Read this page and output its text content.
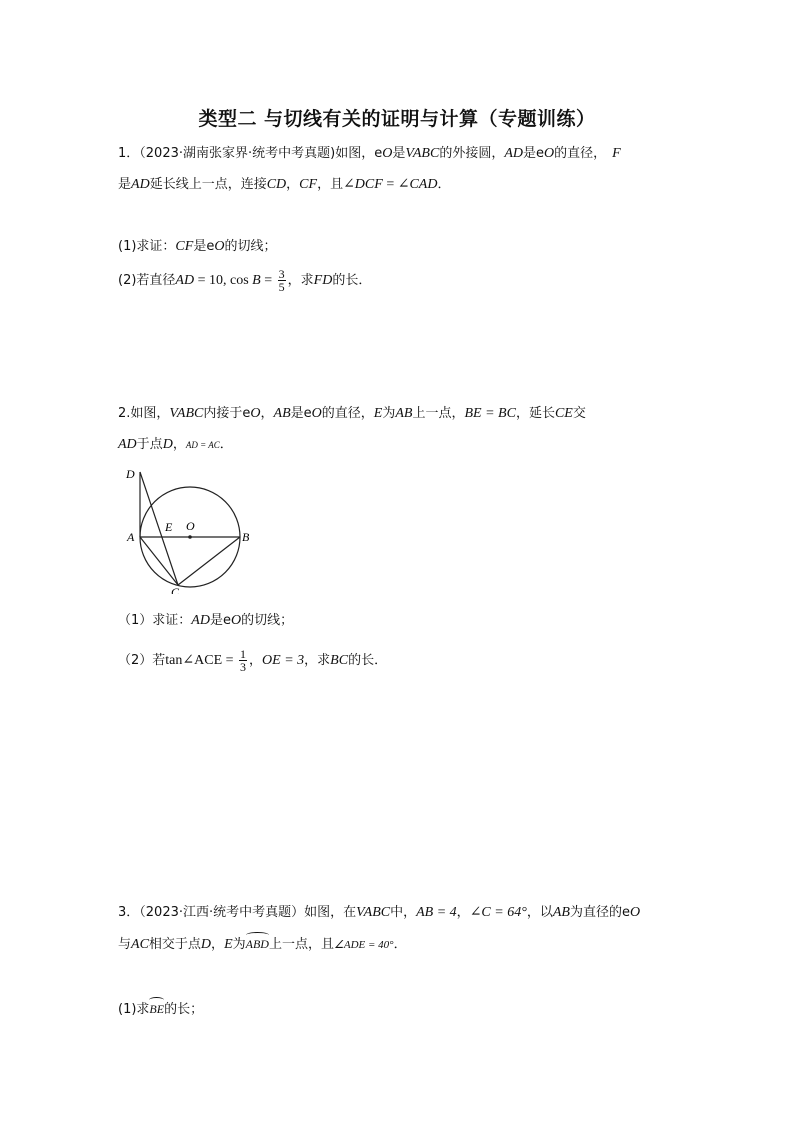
类型二 与切线有关的证明与计算（专题训练）
1．（2023·湖南张家界·统考中考真题)如图，eO是VABC的外接圆，AD是eO的直径， F
是AD延长线上一点，连接CD，CF，且∠DCF = ∠CAD．
(1)求证：CF是eO的切线；
(2)若直径AD = 10, $\cos B = \frac{3}{5}$ ，求FD的长．
2.如图，VABC内接于eO，AB是eO的直径，E为AB上一点，BE = BC，延长CE交
AD于点D，AD = AC．
D
A
E O
B
C
（1）求证：AD是eO的切线；
（2）若tan∠ACE = $\frac{1}{3}$ ，OE = 3，求BC的长．
3．（2023·江西·统考中考真题）如图，在VABC中，AB = 4，∠C = 64°，以AB为直径的eO
与AC相交于点D，E为ABD上一点，且∠ADE = 40°．
(1)求BE的长；
